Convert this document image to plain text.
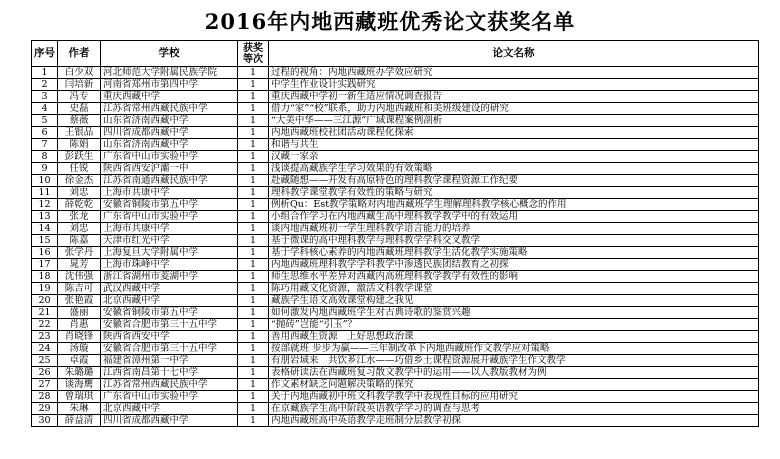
2016年内地西藏班优秀论文获奖名单
序号	作者	学校	获奖等次	论文名称
1	白少双	河北师范大学附属民族学院	1	过程的视角：内地西藏班办学效应研究
2	闫培新	河南省郑州市第四中学	1	中学生作业设计实践研究
3	冯专	重庆西藏中学	1	重庆西藏中学初一新生适应情况调查报告
4	史磊	江苏省常州西藏民族中学	1	借力“家”“校”联系，助力内地西藏班和美班级建设的研究
5	蔡薇	山东省济南西藏中学	1	“大美中华——三江源”广域课程案例剖析
6	王银品	四川省成都西藏中学	1	内地西藏班校社团活动课程化探索
7	陈娟	山东省济南西藏中学	1	和谐与共生
8	彭跃生	广东省中山市实验中学	1	汉藏一家亲
9	任锐	陕西省西安沪灞一中	1	浅谈提高藏族学生学习效果的有效策略
10	徐金杰	江苏省南通西藏民族中学	1	赴藏随想——开发有高原特色的理科教学课程资源工作纪要
11	刘忠	上海市共康中学	1	理科教学课堂教学有效性的策略与研究
12	薛乾乾	安徽省铜陵市第五中学	1	例析Qu：Est教学策略对内地西藏班学生理解理科教学核心概念的作用
13	张龙	广东省中山市实验中学	1	小组合作学习在内地西藏生高中理科教学教学中的有效运用
14	刘忠	上海市共康中学	1	谈内地西藏班初一学生理科教学语言能力的培养
15	陈嘉	天津市红光中学	1	基于微课的高中理科教学与理科教学学科交叉教学
16	张学丹	上海复旦大学附属中学	1	基于学科核心素养的内地西藏班理科教学生活化教学实施策略
17	晁芳	上海市珠峰中学	1	内地西藏班理科教学学科教学中渗透民族团结教育之初探
18	沈伟强	浙江省湖州市菱湖中学	1	师生思维水平差异对西藏内高班理科教学教学有效性的影响
19	陈吉可	武汉西藏中学	1	陈巧用藏文化资源，激活文科教学课堂
20	张艳霞	北京西藏中学	1	藏族学生语文高效课堂构建之我见
21	盛丽	安徽省铜陵市第五中学	1	如何激发内地西藏班学生对古典诗歌的鉴赏兴趣
22	肖惠	安徽省合肥市第三十五中学	1	“抛砖”岂能“引玉”？
23	肖晓锋	陕西省西安中学	1	善用西藏生资源　上好思想政治课
24	汤璇	安徽省合肥市第三十五中学	1	按部就班 步步为赢——三年制改革下内地西藏班作文教学应对策略
25	卓霞	福建省漳州第一中学	1	有朋岩域来　共饮芗江水——巧借乡土课程资源展开藏族学生作文教学
26	朱璐璐	江西省南昌第十七中学	1	表格研读法在西藏班复习散文教学中的运用——以人教版教材为例
27	谈海鹰	江苏省常州西藏民族中学	1	作文素材缺乏问题解决策略的探究
28	曾瑞琪	广东省中山市实验中学	1	关于内地西藏初中班文科教学教学中表现性目标的应用研究
29	朱琳	北京西藏中学	1	在京藏族学生高中阶段英语教学学习的调查与思考
30	薛益清	四川省成都西藏中学	1	内地西藏班高中英语教学走班制分层教学初探
